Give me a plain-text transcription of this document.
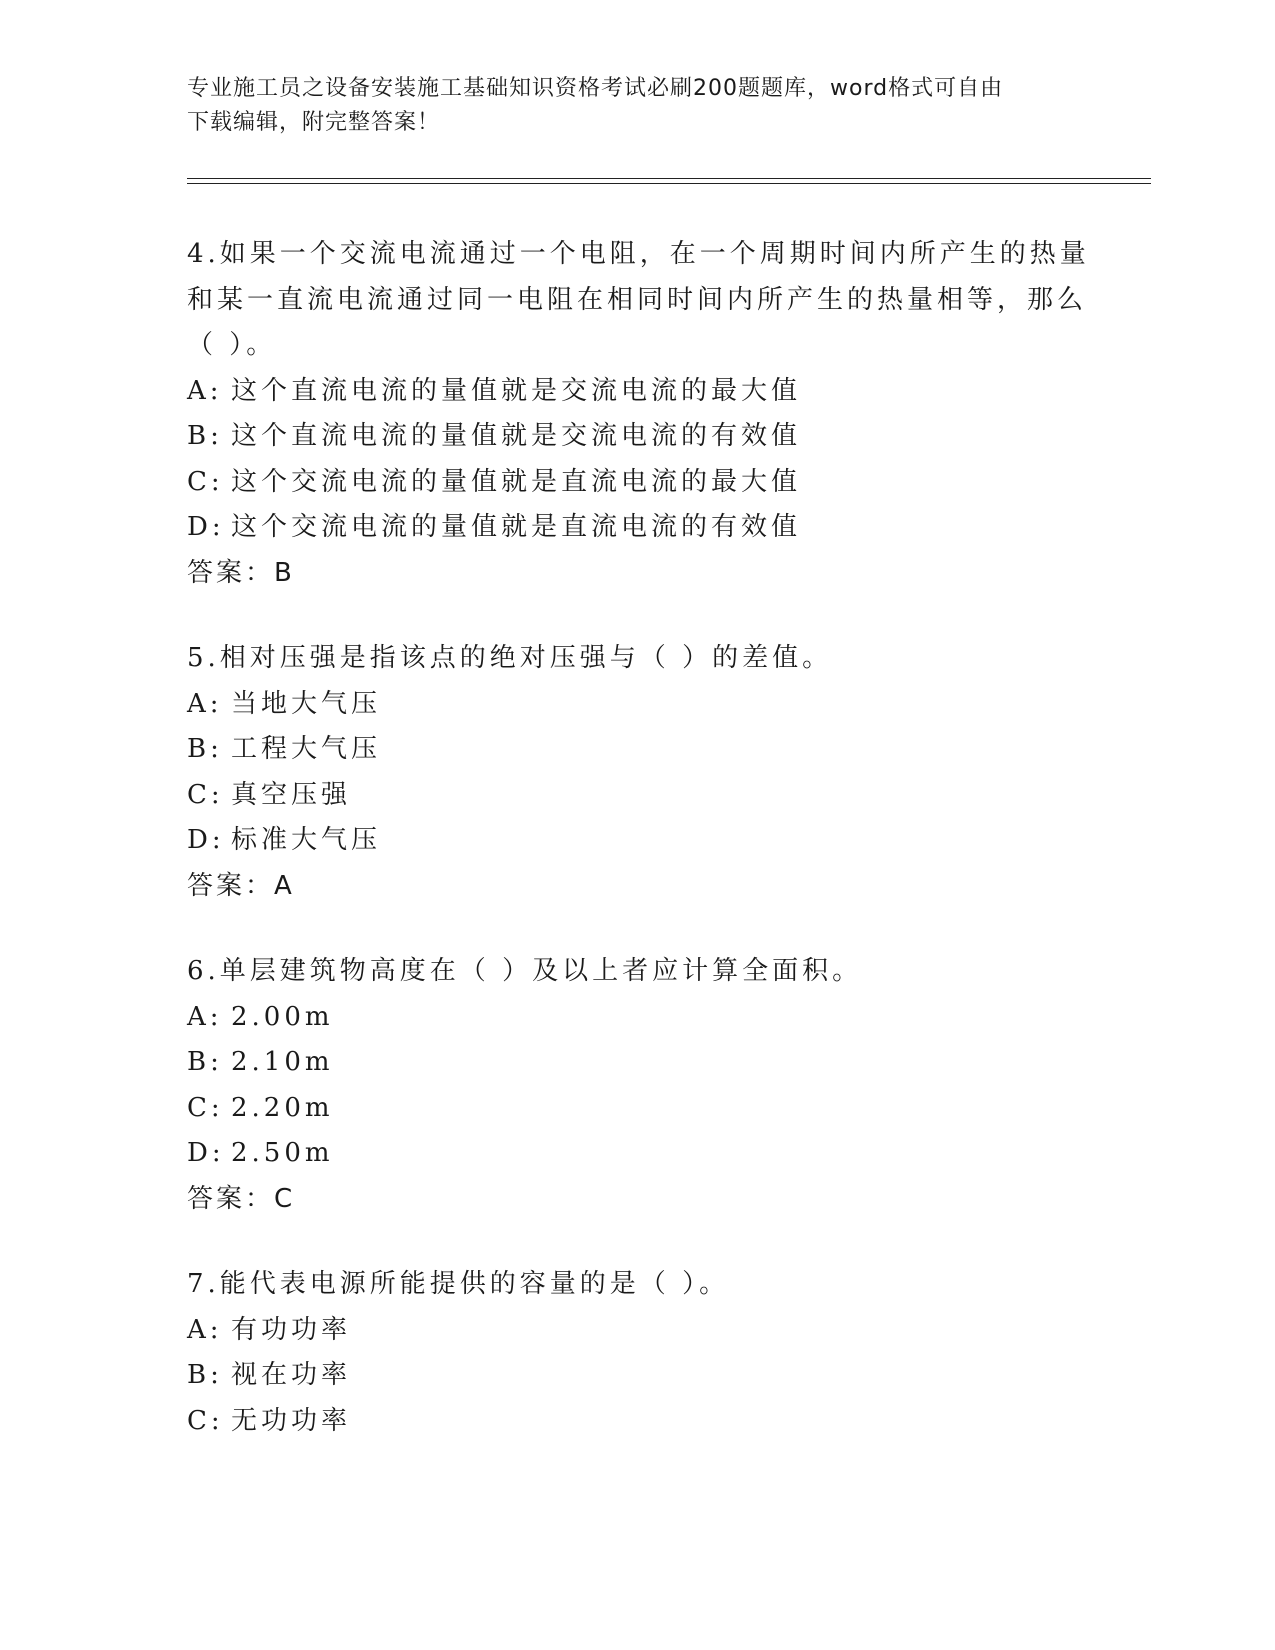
专业施工员之设备安装施工基础知识资格考试必刷200题题库，word格式可自由
下载编辑，附完整答案！
4.如果一个交流电流通过一个电阻，在一个周期时间内所产生的热量
和某一直流电流通过同一电阻在相同时间内所产生的热量相等，那么
（ ）。
A: 这个直流电流的量值就是交流电流的最大值
B: 这个直流电流的量值就是交流电流的有效值
C: 这个交流电流的量值就是直流电流的最大值
D: 这个交流电流的量值就是直流电流的有效值
答案：B
5.相对压强是指该点的绝对压强与（ ）的差值。
A: 当地大气压
B: 工程大气压
C: 真空压强
D: 标准大气压
答案：A
6.单层建筑物高度在（ ）及以上者应计算全面积。
A: 2.00m
B: 2.10m
C: 2.20m
D: 2.50m
答案：C
7.能代表电源所能提供的容量的是（ ）。
A: 有功功率
B: 视在功率
C: 无功功率
